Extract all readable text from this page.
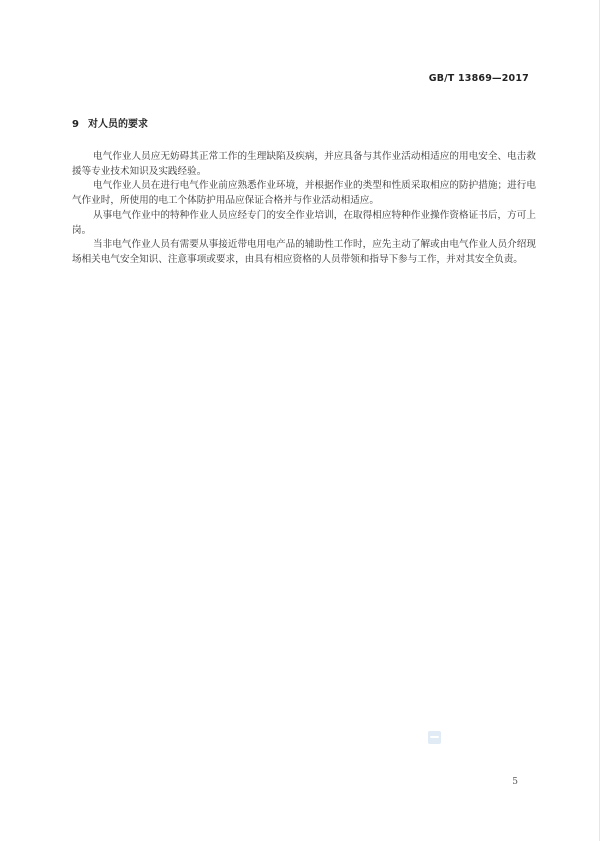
GB/T 13869—2017
9 对人员的要求

电气作业人员应无妨碍其正常工作的生理缺陷及疾病，并应具备与其作业活动相适应的用电安全、电击救援等专业技术知识及实践经验。

电气作业人员在进行电气作业前应熟悉作业环境，并根据作业的类型和性质采取相应的防护措施；进行电气作业时，所使用的电工个体防护用品应保证合格并与作业活动相适应。

从事电气作业中的特种作业人员应经专门的安全作业培训，在取得相应特种作业操作资格证书后，方可上岗。

当非电气作业人员有需要从事接近带电用电产品的辅助性工作时，应先主动了解或由电气作业人员介绍现场相关电气安全知识、注意事项或要求，由具有相应资格的人员带领和指导下参与工作，并对其安全负责。

5
